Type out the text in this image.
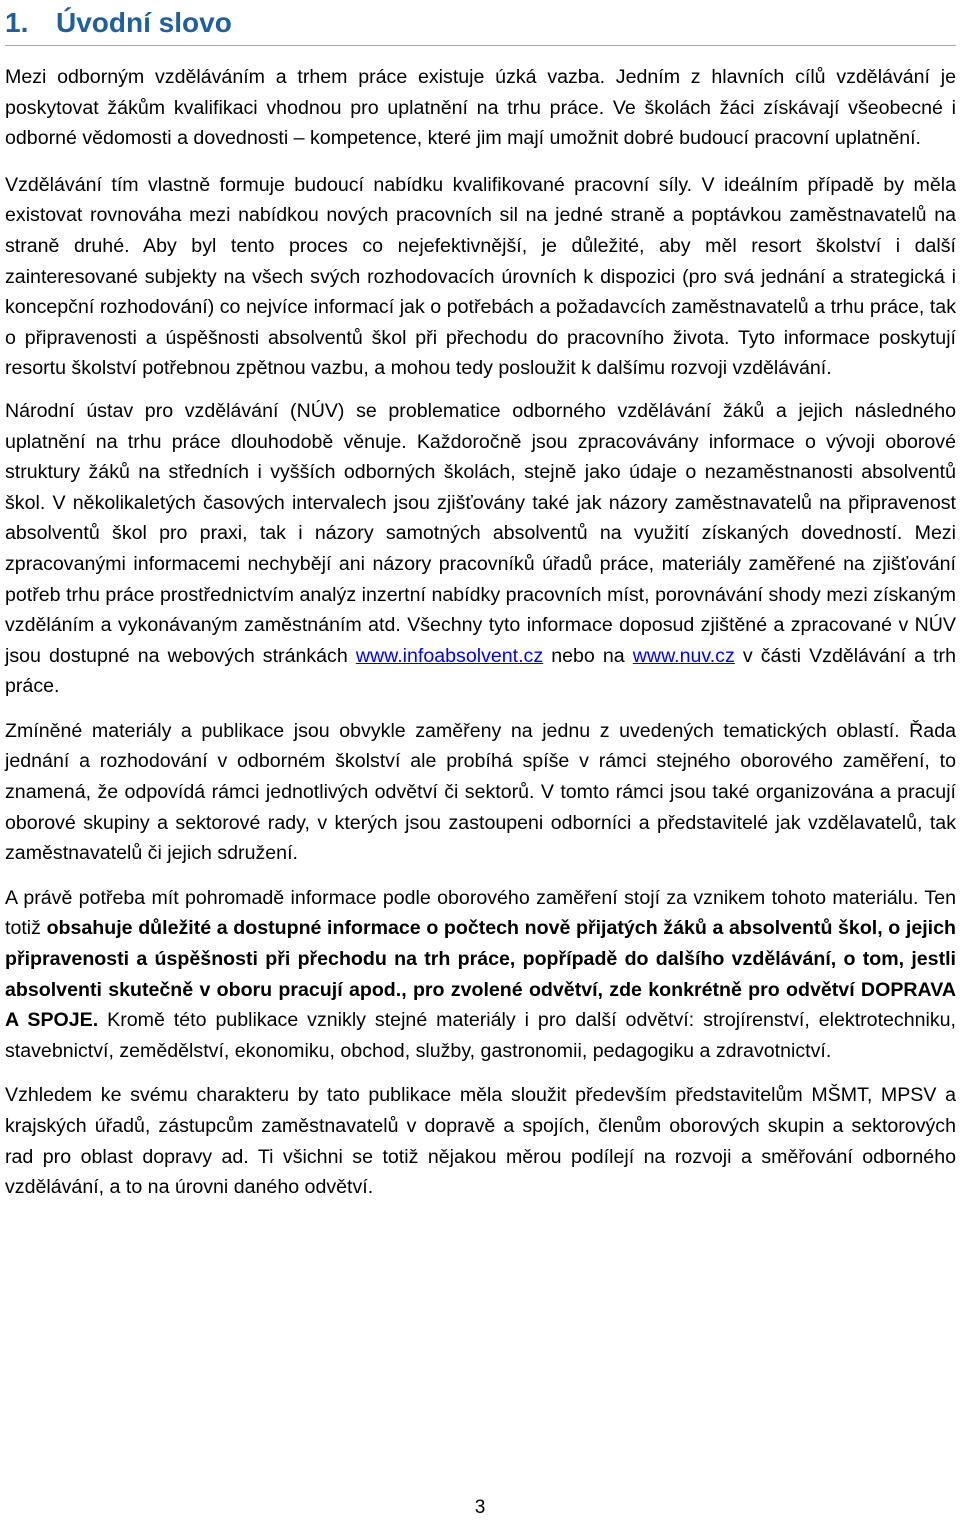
1. Úvodní slovo

Mezi odborným vzděláváním a trhem práce existuje úzká vazba. Jedním z hlavních cílů vzdělávání je poskytovat žákům kvalifikaci vhodnou pro uplatnění na trhu práce. Ve školách žáci získávají všeobecné i odborné vědomosti a dovednosti – kompetence, které jim mají umožnit dobré budoucí pracovní uplatnění.

Vzdělávání tím vlastně formuje budoucí nabídku kvalifikované pracovní síly. V ideálním případě by měla existovat rovnováha mezi nabídkou nových pracovních sil na jedné straně a poptávkou zaměstnavatelů na straně druhé. Aby byl tento proces co nejefektivnější, je důležité, aby měl resort školství i další zainteresované subjekty na všech svých rozhodovacích úrovních k dispozici (pro svá jednání a strategická i koncepční rozhodování) co nejvíce informací jak o potřebách a požadavcích zaměstnavatelů a trhu práce, tak o připravenosti a úspěšnosti absolventů škol při přechodu do pracovního života. Tyto informace poskytují resortu školství potřebnou zpětnou vazbu, a mohou tedy posloužit k dalšímu rozvoji vzdělávání.

Národní ústav pro vzdělávání (NÚV) se problematice odborného vzdělávání žáků a jejich následného uplatnění na trhu práce dlouhodobě věnuje. Každoročně jsou zpracovávány informace o vývoji oborové struktury žáků na středních i vyšších odborných školách, stejně jako údaje o nezaměstnanosti absolventů škol. V několikaletých časových intervalech jsou zjišťovány také jak názory zaměstnavatelů na připravenost absolventů škol pro praxi, tak i názory samotných absolventů na využití získaných dovedností. Mezi zpracovanými informacemi nechybějí ani názory pracovníků úřadů práce, materiály zaměřené na zjišťování potřeb trhu práce prostřednictvím analýz inzertní nabídky pracovních míst, porovnávání shody mezi získaným vzděláním a vykonávaným zaměstnáním atd. Všechny tyto informace doposud zjištěné a zpracované v NÚV jsou dostupné na webových stránkách www.infoabsolvent.cz nebo na www.nuv.cz v části Vzdělávání a trh práce.

Zmíněné materiály a publikace jsou obvykle zaměřeny na jednu z uvedených tematických oblastí. Řada jednání a rozhodování v odborném školství ale probíhá spíše v rámci stejného oborového zaměření, to znamená, že odpovídá rámci jednotlivých odvětví či sektorů. V tomto rámci jsou také organizována a pracují oborové skupiny a sektorové rady, v kterých jsou zastoupeni odborníci a představitelé jak vzdělavatelů, tak zaměstnavatelů či jejich sdružení.

A právě potřeba mít pohromadě informace podle oborového zaměření stojí za vznikem tohoto materiálu. Ten totiž obsahuje důležité a dostupné informace o počtech nově přijatých žáků a absolventů škol, o jejich připravenosti a úspěšnosti při přechodu na trh práce, popřípadě do dalšího vzdělávání, o tom, jestli absolventi skutečně v oboru pracují apod., pro zvolené odvětví, zde konkrétně pro odvětví DOPRAVA A SPOJE. Kromě této publikace vznikly stejné materiály i pro další odvětví: strojírenství, elektrotechniku, stavebnictví, zemědělství, ekonomiku, obchod, služby, gastronomii, pedagogiku a zdravotnictví.

Vzhledem ke svému charakteru by tato publikace měla sloužit především představitelům MŠMT, MPSV a krajských úřadů, zástupcům zaměstnavatelů v dopravě a spojích, členům oborových skupin a sektorových rad pro oblast dopravy ad. Ti všichni se totiž nějakou měrou podílejí na rozvoji a směřování odborného vzdělávání, a to na úrovni daného odvětví.

3
